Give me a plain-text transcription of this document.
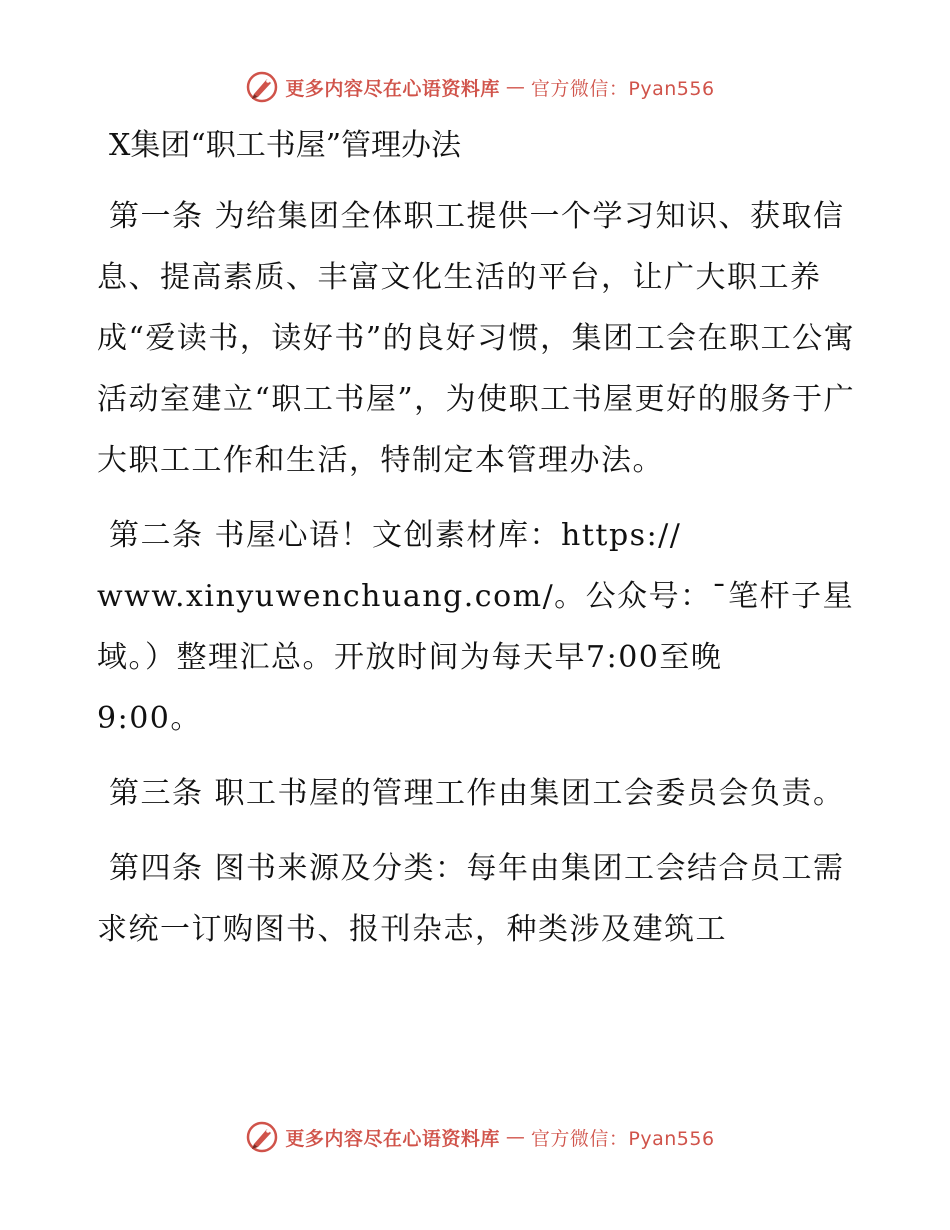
更多内容尽在心语资料库 — 官方微信：Pyan556
X集团“职工书屋”管理办法
第一条 为给集团全体职工提供一个学习知识、获取信息、提高素质、丰富文化生活的平台，让广大职工养成“爱读书，读好书”的良好习惯，集团工会在职工公寓活动室建立“职工书屋”，为使职工书屋更好的服务于广大职工工作和生活，特制定本管理办法。
第二条 书屋心语！文创素材库：https://
www.xinyuwenchuang.com/。公众号：¯笔杆子星
域。）整理汇总。开放时间为每天早7:00至晚
9:00。
第三条 职工书屋的管理工作由集团工会委员会负责。
第四条 图书来源及分类：每年由集团工会结合员工需求统一订购图书、报刊杂志，种类涉及建筑工
更多内容尽在心语资料库 — 官方微信：Pyan556
